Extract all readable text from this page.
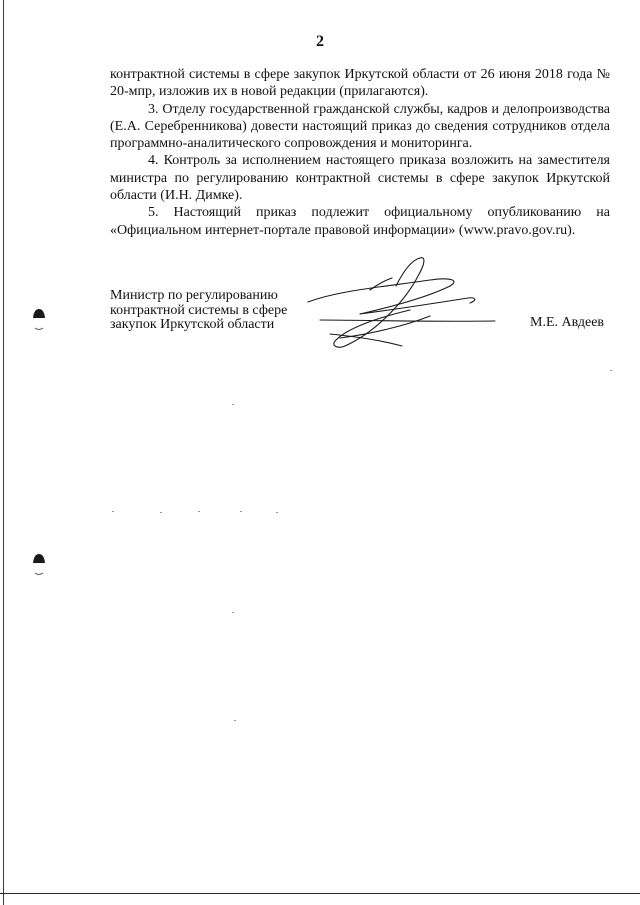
2

контрактной системы в сфере закупок Иркутской области от 26 июня 2018 года № 20-мпр, изложив их в новой редакции (прилагаются).

3. Отделу государственной гражданской службы, кадров и делопроизводства (Е.А. Серебренникова) довести настоящий приказ до сведения сотрудников отдела программно-аналитического сопровождения и мониторинга.

4. Контроль за исполнением настоящего приказа возложить на заместителя министра по регулированию контрактной системы в сфере закупок Иркутской области (И.Н. Димке).

5. Настоящий приказ подлежит официальному опубликованию на «Официальном интернет-портале правовой информации» (www.pravo.gov.ru).

Министр по регулированию
контрактной системы в сфере
закупок Иркутской области	М.Е. Авдеев
